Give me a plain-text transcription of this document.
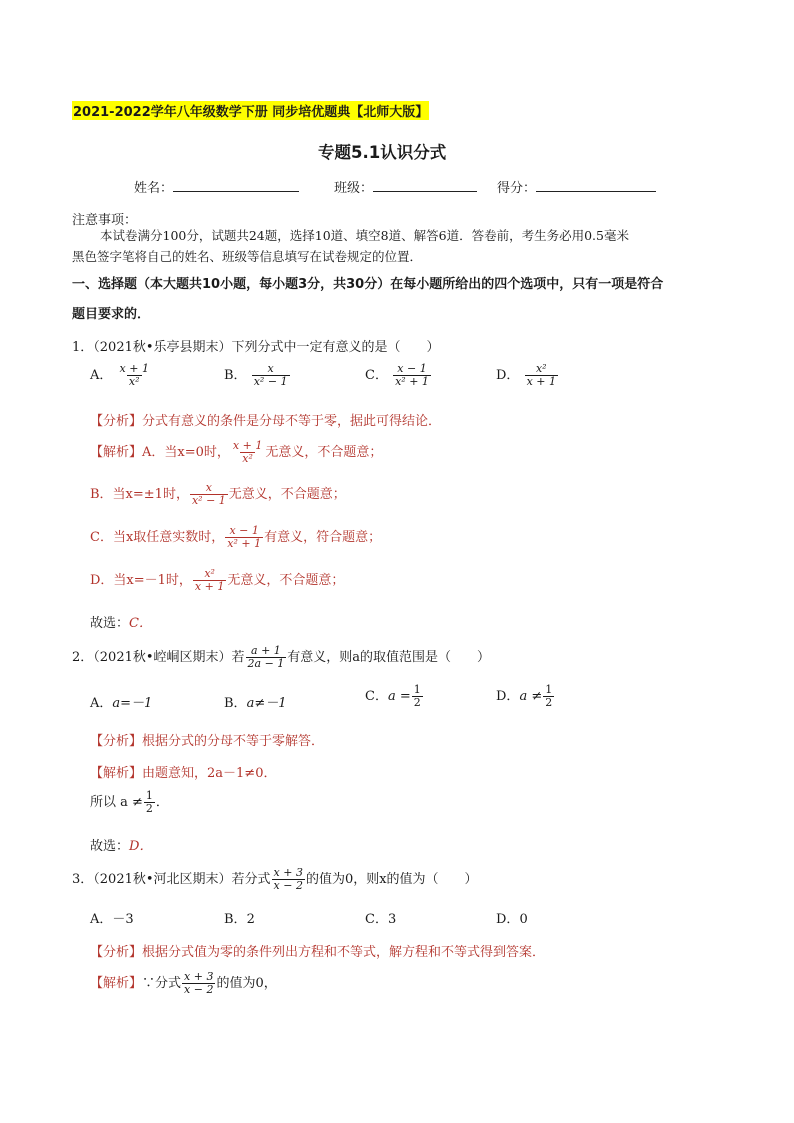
2021-2022学年八年级数学下册 同步培优题典【北师大版】
专题5.1认识分式
姓名：	班级：	得分：
注意事项：
本试卷满分100分，试题共24题，选择10道、填空8道、解答6道．答卷前，考生务必用0.5毫米
黑色签字笔将自己的姓名、班级等信息填写在试卷规定的位置．
一、选择题（本大题共10小题，每小题3分，共30分）在每小题所给出的四个选项中，只有一项是符合
题目要求的．
1．（2021秋•乐亭县期末）下列分式中一定有意义的是（　　）
A． $\frac{x + 1}{\text{x²}}$	B． $\frac{x}{\text{x² − 1}}$	C． $\frac{x - 1}{\text{x² + 1}}$	D． $\frac{\text{x²}}{x + 1}$
【分析】分式有意义的条件是分母不等于零，据此可得结论．
【解析】A．当x=0时， $\frac{x + 1}{\text{x²}}$ 无意义，不合题意；
B．当x=±1时， $\frac{x}{\text{x² − 1}}$ 无意义，不合题意；
C．当x取任意实数时， $\frac{x - 1}{\text{x² + 1}}$ 有意义，符合题意；
D．当x=－1时， $\frac{\text{x²}}{x + 1}$ 无意义，不合题意；
故选：C．
2．（2021秋•崆峒区期末）若 $\frac{a + 1}{2a - 1}$ 有意义，则a的取值范围是（　　）
A．a=－1	B．a≠－1	C．$a = \frac{1}{2}$	D．$a \ne \frac{1}{2}$
【分析】根据分式的分母不等于零解答．
【解析】由题意知，2a－1≠0．
所以 $a \ne \frac{1}{2}$ ．
故选：D．
3．（2021秋•河北区期末）若分式 $\frac{x + 3}{x - 2}$ 的值为0，则x的值为（　　）
A．－3	B．2	C．3	D．0
【分析】根据分式值为零的条件列出方程和不等式，解方程和不等式得到答案．
【解析】∵分式 $\frac{x + 3}{x - 2}$ 的值为0，
